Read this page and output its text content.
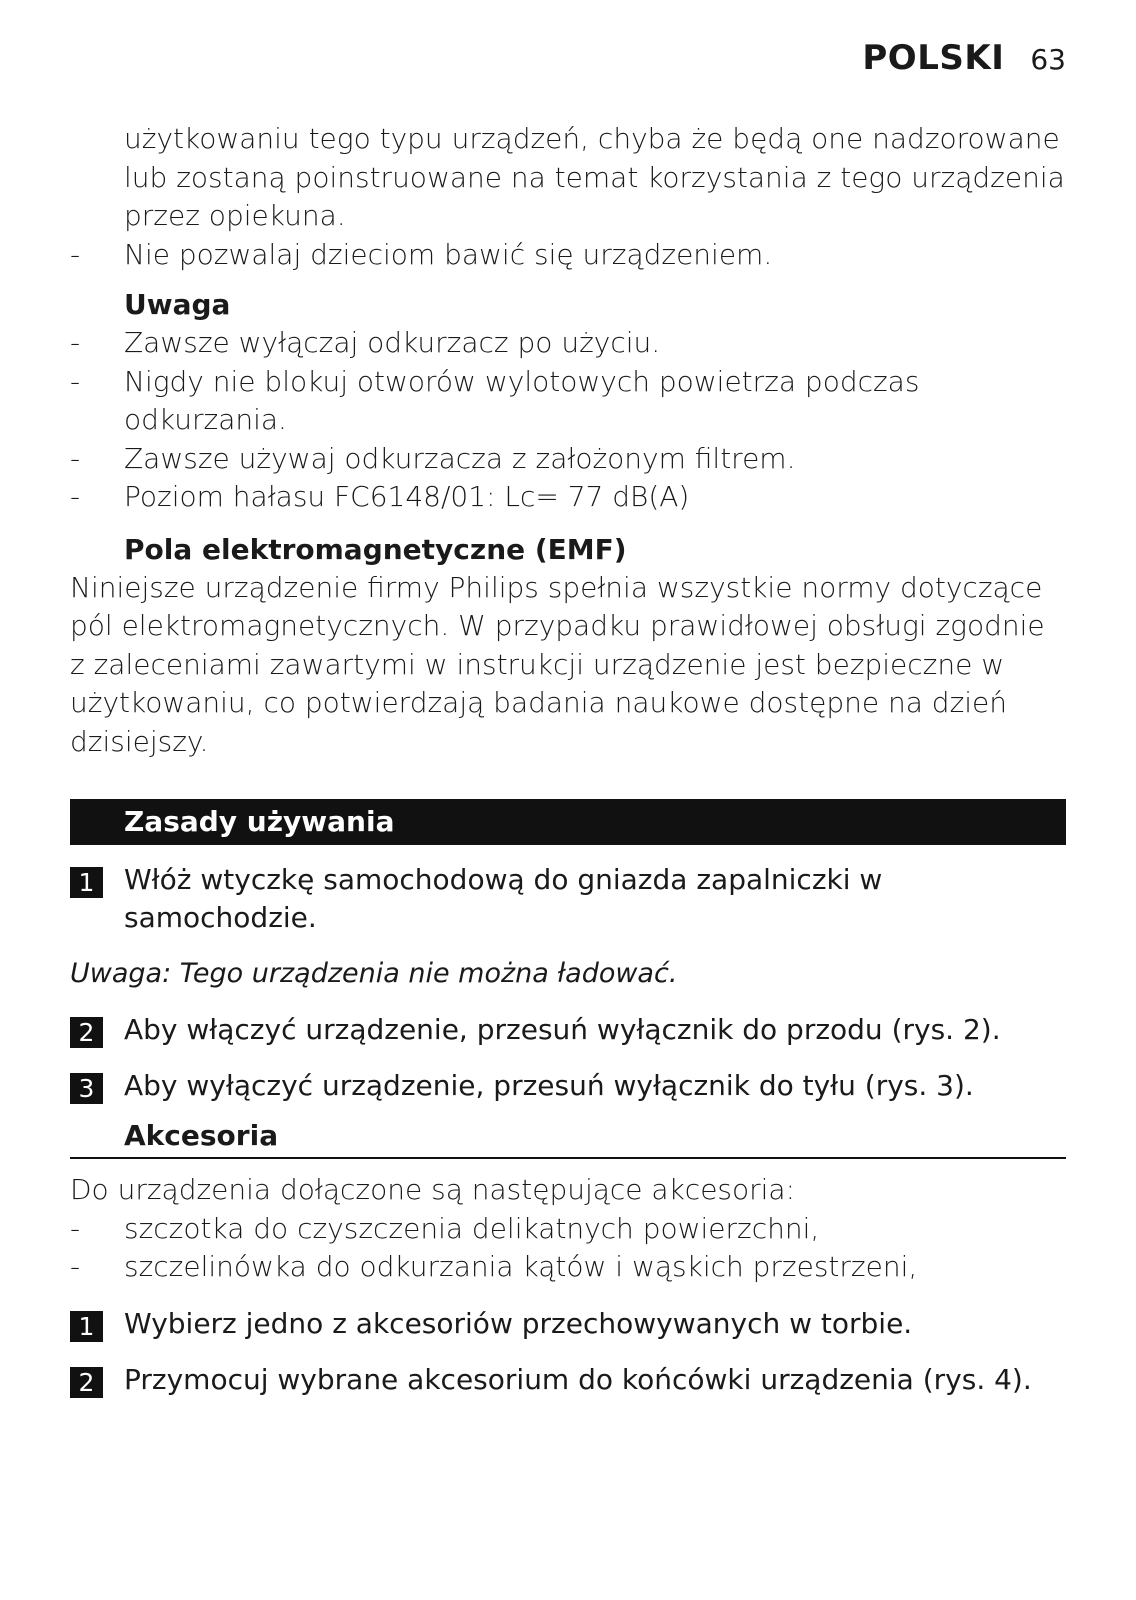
POLSKI 63

użytkowaniu tego typu urządzeń, chyba że będą one nadzorowane lub zostaną poinstruowane na temat korzystania z tego urządzenia przez opiekuna.

- Nie pozwalaj dzieciom bawić się urządzeniem.

Uwaga

- Zawsze wyłączaj odkurzacz po użyciu.

- Nigdy nie blokuj otworów wylotowych powietrza podczas odkurzania.

- Zawsze używaj odkurzacza z założonym filtrem.

- Poziom hałasu FC6148/01: Lc= 77 dB(A)

Pola elektromagnetyczne (EMF)

Niniejsze urządzenie firmy Philips spełnia wszystkie normy dotyczące pól elektromagnetycznych. W przypadku prawidłowej obsługi zgodnie z zaleceniami zawartymi w instrukcji urządzenie jest bezpieczne w użytkowaniu, co potwierdzają badania naukowe dostępne na dzień dzisiejszy.

Zasady używania
1	Włóż wtyczkę samochodową do gniazda zapalniczki w samochodzie.

Uwaga: Tego urządzenia nie można ładować.

2	Aby włączyć urządzenie, przesuń wyłącznik do przodu (rys. 2).
3	Aby wyłączyć urządzenie, przesuń wyłącznik do tyłu (rys. 3).

Akcesoria

Do urządzenia dołączone są następujące akcesoria:

- szczotka do czyszczenia delikatnych powierzchni,

- szczelinówka do odkurzania kątów i wąskich przestrzeni,

1	Wybierz jedno z akcesoriów przechowywanych w torbie.
2	Przymocuj wybrane akcesorium do końcówki urządzenia (rys. 4).
